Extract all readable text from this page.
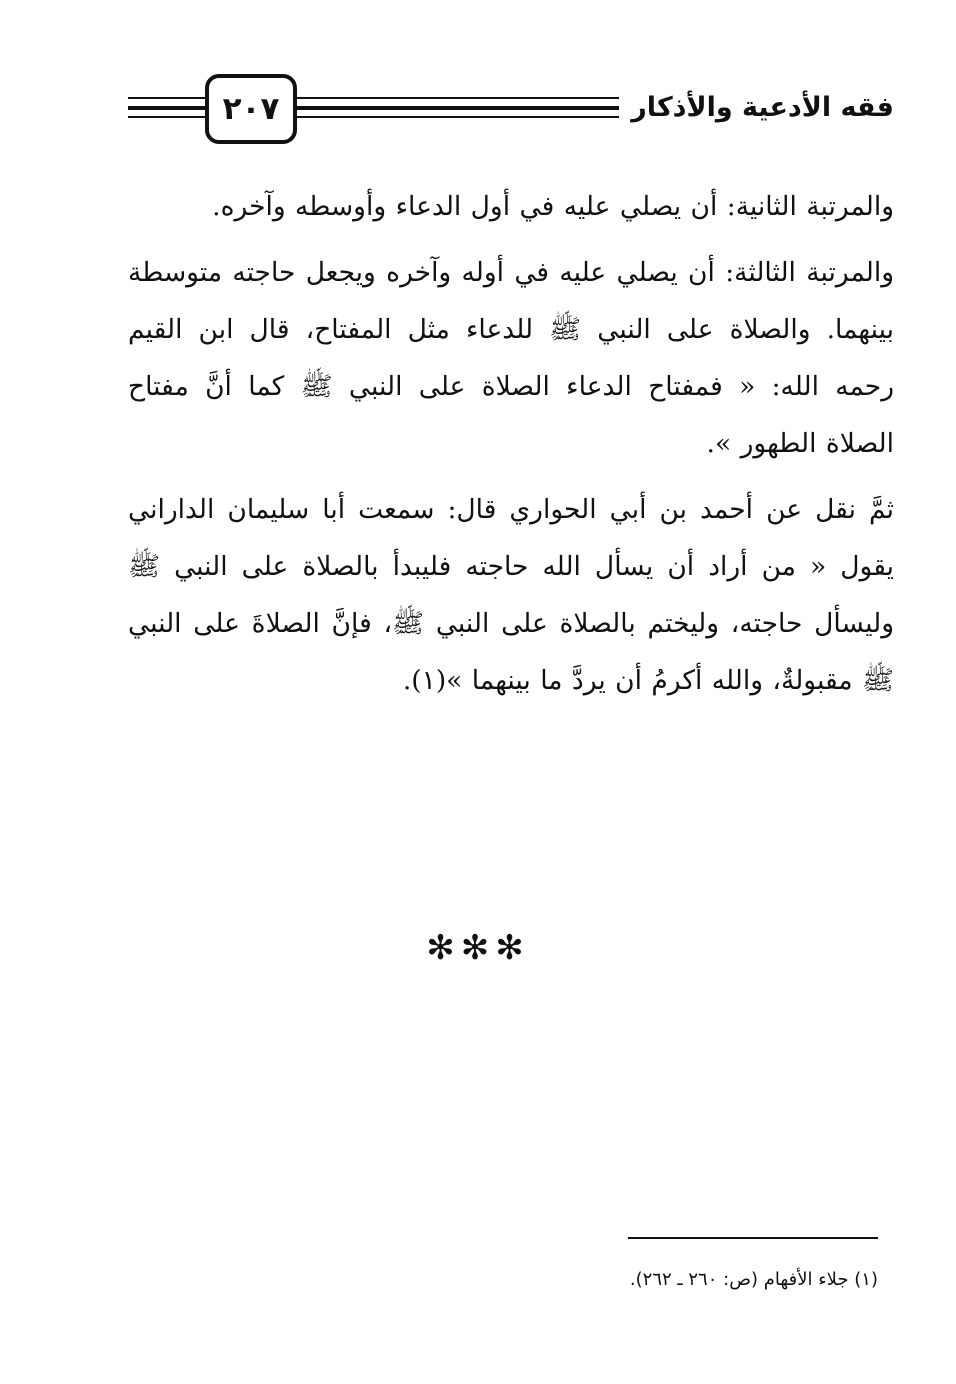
فقه الأدعية والأذكار
٢٠٧

والمرتبة الثانية: أن يصلي عليه في أول الدعاء وأوسطه وآخره.

والمرتبة الثالثة: أن يصلي عليه في أوله وآخره ويجعل حاجته متوسطة بينهما. والصلاة على النبي ﷺ للدعاء مثل المفتاح، قال ابن القيم رحمه الله: « فمفتاح الدعاء الصلاة على النبي ﷺ كما أنَّ مفتاح الصلاة الطهور ».

ثمَّ نقل عن أحمد بن أبي الحواري قال: سمعت أبا سليمان الداراني يقول « من أراد أن يسأل الله حاجته فليبدأ بالصلاة على النبي ﷺ وليسأل حاجته، وليختم بالصلاة على النبي ﷺ، فإنَّ الصلاةَ على النبي ﷺ مقبولةٌ، والله أكرمُ أن يردَّ ما بينهما »(١).

✻✻✻
(١) جلاء الأفهام (ص: ٢٦٠ ـ ٢٦٢).
